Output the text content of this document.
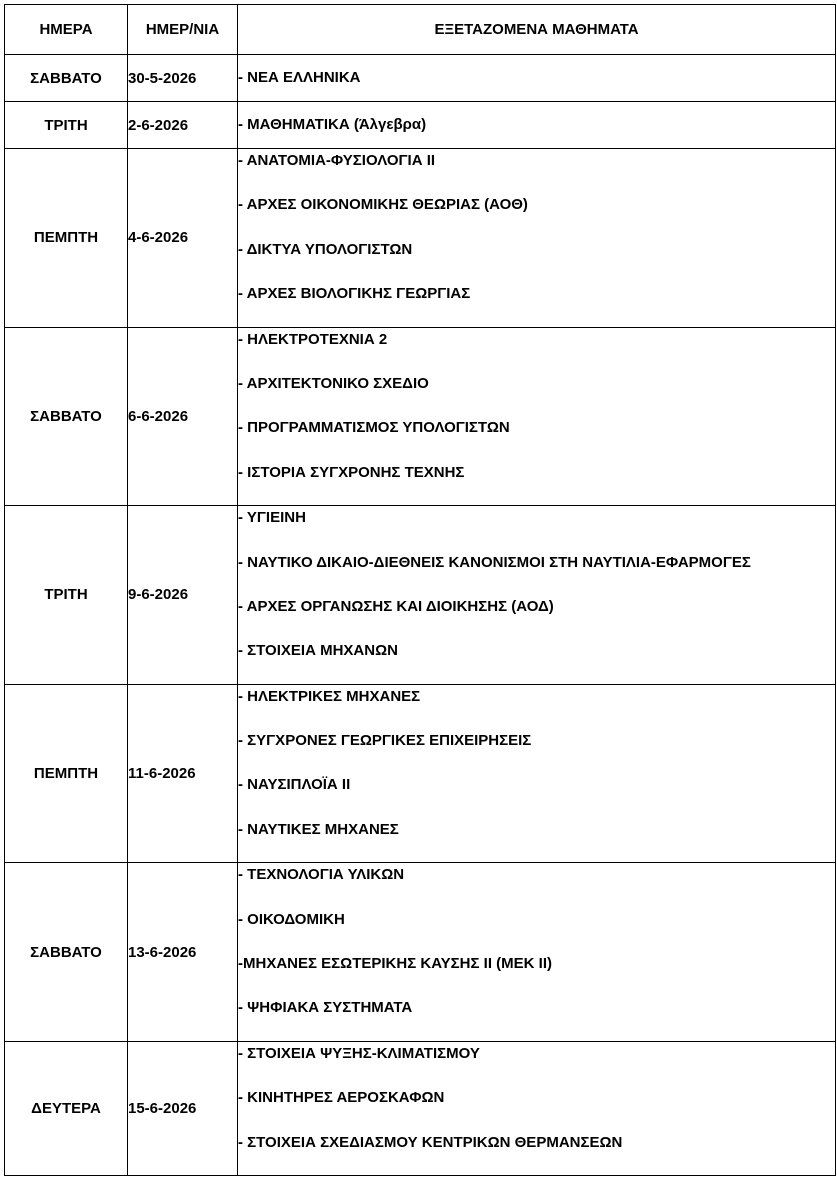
ΗΜΕΡΑ	ΗΜΕΡ/ΝΙΑ	ΕΞΕΤΑΖΟΜΕΝΑ ΜΑΘΗΜΑΤΑ
ΣΑΒΒΑΤΟ	30-5-2026	- ΝΕΑ ΕΛΛΗΝΙΚΑ

ΤΡΙΤΗ	2-6-2026	- ΜΑΘΗΜΑΤΙΚΑ (Άλγεβρα)

ΠΕΜΠΤΗ	4-6-2026	- ΑΝΑΤΟΜΙΑ-ΦΥΣΙΟΛΟΓΙΑ ΙΙ
- ΑΡΧΕΣ ΟΙΚΟΝΟΜΙΚΗΣ ΘΕΩΡΙΑΣ (ΑΟΘ)
- ΔΙΚΤΥΑ ΥΠΟΛΟΓΙΣΤΩΝ
- ΑΡΧΕΣ ΒΙΟΛΟΓΙΚΗΣ ΓΕΩΡΓΙΑΣ

ΣΑΒΒΑΤΟ	6-6-2026	- ΗΛΕΚΤΡΟΤΕΧΝΙΑ 2
- ΑΡΧΙΤΕΚΤΟΝΙΚΟ ΣΧΕΔΙΟ
- ΠΡΟΓΡΑΜΜΑΤΙΣΜΟΣ ΥΠΟΛΟΓΙΣΤΩΝ
- ΙΣΤΟΡΙΑ ΣΥΓΧΡΟΝΗΣ ΤΕΧΝΗΣ

ΤΡΙΤΗ	9-6-2026	- ΥΓΙΕΙΝΗ
- ΝΑΥΤΙΚΟ ΔΙΚΑΙΟ-ΔΙΕΘΝΕΙΣ ΚΑΝΟΝΙΣΜΟΙ ΣΤΗ ΝΑΥΤΙΛΙΑ-ΕΦΑΡΜΟΓΕΣ
- ΑΡΧΕΣ ΟΡΓΑΝΩΣΗΣ ΚΑΙ ΔΙΟΙΚΗΣΗΣ (ΑΟΔ)
- ΣΤΟΙΧΕΙΑ ΜΗΧΑΝΩΝ

ΠΕΜΠΤΗ	11-6-2026	- ΗΛΕΚΤΡΙΚΕΣ ΜΗΧΑΝΕΣ
- ΣΥΓΧΡΟΝΕΣ ΓΕΩΡΓΙΚΕΣ ΕΠΙΧΕΙΡΗΣΕΙΣ
- ΝΑΥΣΙΠΛΟΪΑ ΙΙ
- ΝΑΥΤΙΚΕΣ ΜΗΧΑΝΕΣ

ΣΑΒΒΑΤΟ	13-6-2026	- ΤΕΧΝΟΛΟΓΙΑ ΥΛΙΚΩΝ
- ΟΙΚΟΔΟΜΙΚΗ
-ΜΗΧΑΝΕΣ ΕΣΩΤΕΡΙΚΗΣ ΚΑΥΣΗΣ ΙΙ (ΜΕΚ ΙΙ)
- ΨΗΦΙΑΚΑ ΣΥΣΤΗΜΑΤΑ

ΔΕΥΤΕΡΑ	15-6-2026	- ΣΤΟΙΧΕΙΑ ΨΥΞΗΣ-ΚΛΙΜΑΤΙΣΜΟΥ
- ΚΙΝΗΤΗΡΕΣ ΑΕΡΟΣΚΑΦΩΝ
- ΣΤΟΙΧΕΙΑ ΣΧΕΔΙΑΣΜΟΥ ΚΕΝΤΡΙΚΩΝ ΘΕΡΜΑΝΣΕΩΝ
